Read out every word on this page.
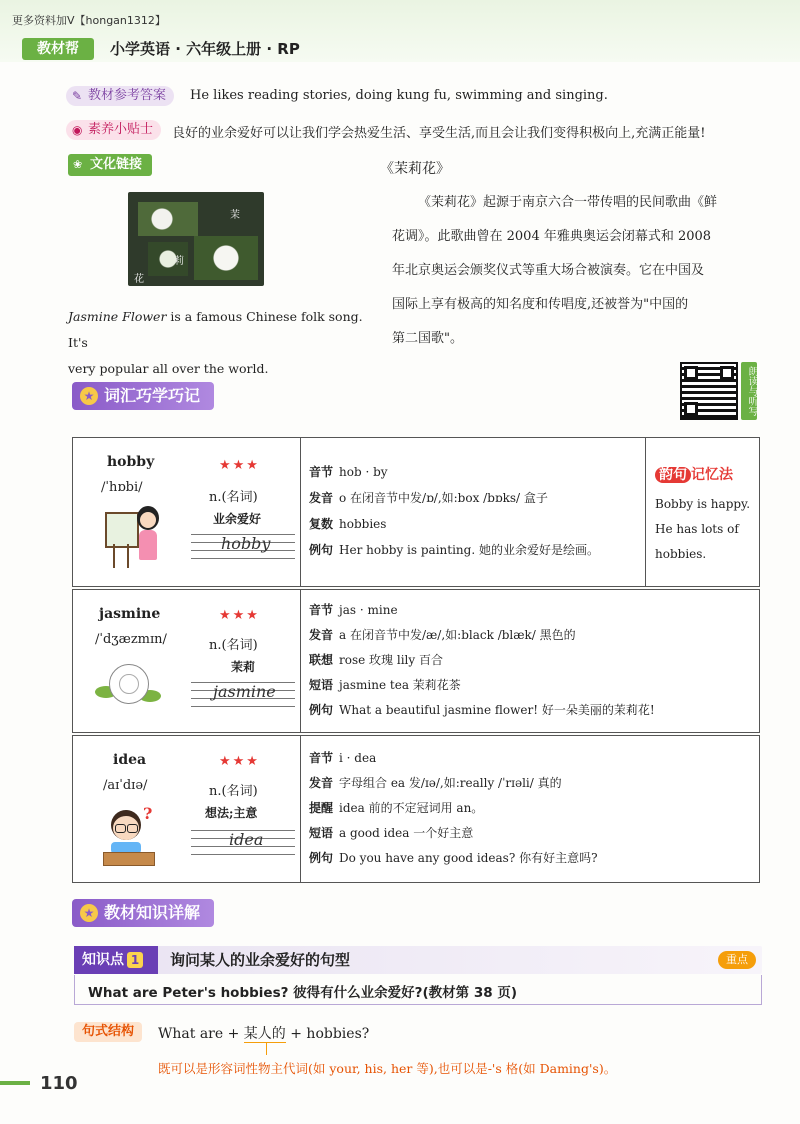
更多资料加V【hongan1312】
教材帮	小学英语 · 六年级上册 · RP
✎ 教材参考答案	He likes reading stories, doing kung fu, swimming and singing.
◉ 素养小贴士	良好的业余爱好可以让我们学会热爱生活、享受生活,而且会让我们变得积极向上,充满正能量!
❀ 文化链接
茉
莉
花
Jasmine Flower is a famous Chinese folk song. It's
very popular all over the world.
《茉莉花》
《茉莉花》起源于南京六合一带传唱的民间歌曲《鲜
花调》。此歌曲曾在 2004 年雅典奥运会闭幕式和 2008
年北京奥运会颁奖仪式等重大场合被演奏。它在中国及
国际上享有极高的知名度和传唱度,还被誉为"中国的
第二国歌"。
朗读与听写
★ 词汇巧学巧记
hobby
/ˈhɒbi/
★★★
n.(名词)
业余爱好
hobby
音节 hob · by
发音 o 在闭音节中发/ɒ/,如:box /bɒks/ 盒子
复数 hobbies
例句 Her hobby is painting. 她的业余爱好是绘画。
韵句 记忆法
Bobby is happy.
He has lots of
hobbies.
jasmine
/ˈdʒæzmɪn/
★★★
n.(名词)
茉莉
jasmine
音节 jas · mine
发音 a 在闭音节中发/æ/,如:black /blæk/ 黑色的
联想 rose 玫瑰 lily 百合
短语 jasmine tea 茉莉花茶
例句 What a beautiful jasmine flower! 好一朵美丽的茉莉花!
idea
/aɪˈdɪə/
?
★★★
n.(名词)
想法;主意
idea
音节 i · dea
发音 字母组合 ea 发/ɪə/,如:really /ˈrɪəli/ 真的
提醒 idea 前的不定冠词用 an。
短语 a good idea 一个好主意
例句 Do you have any good ideas? 你有好主意吗?
★ 教材知识详解
知识点 1	询问某人的业余爱好的句型	重点
What are Peter's hobbies? 彼得有什么业余爱好?(教材第 38 页)
句式结构	What are + 某人的 + hobbies?
既可以是形容词性物主代词(如 your, his, her 等),也可以是-'s 格(如 Daming's)。
110
